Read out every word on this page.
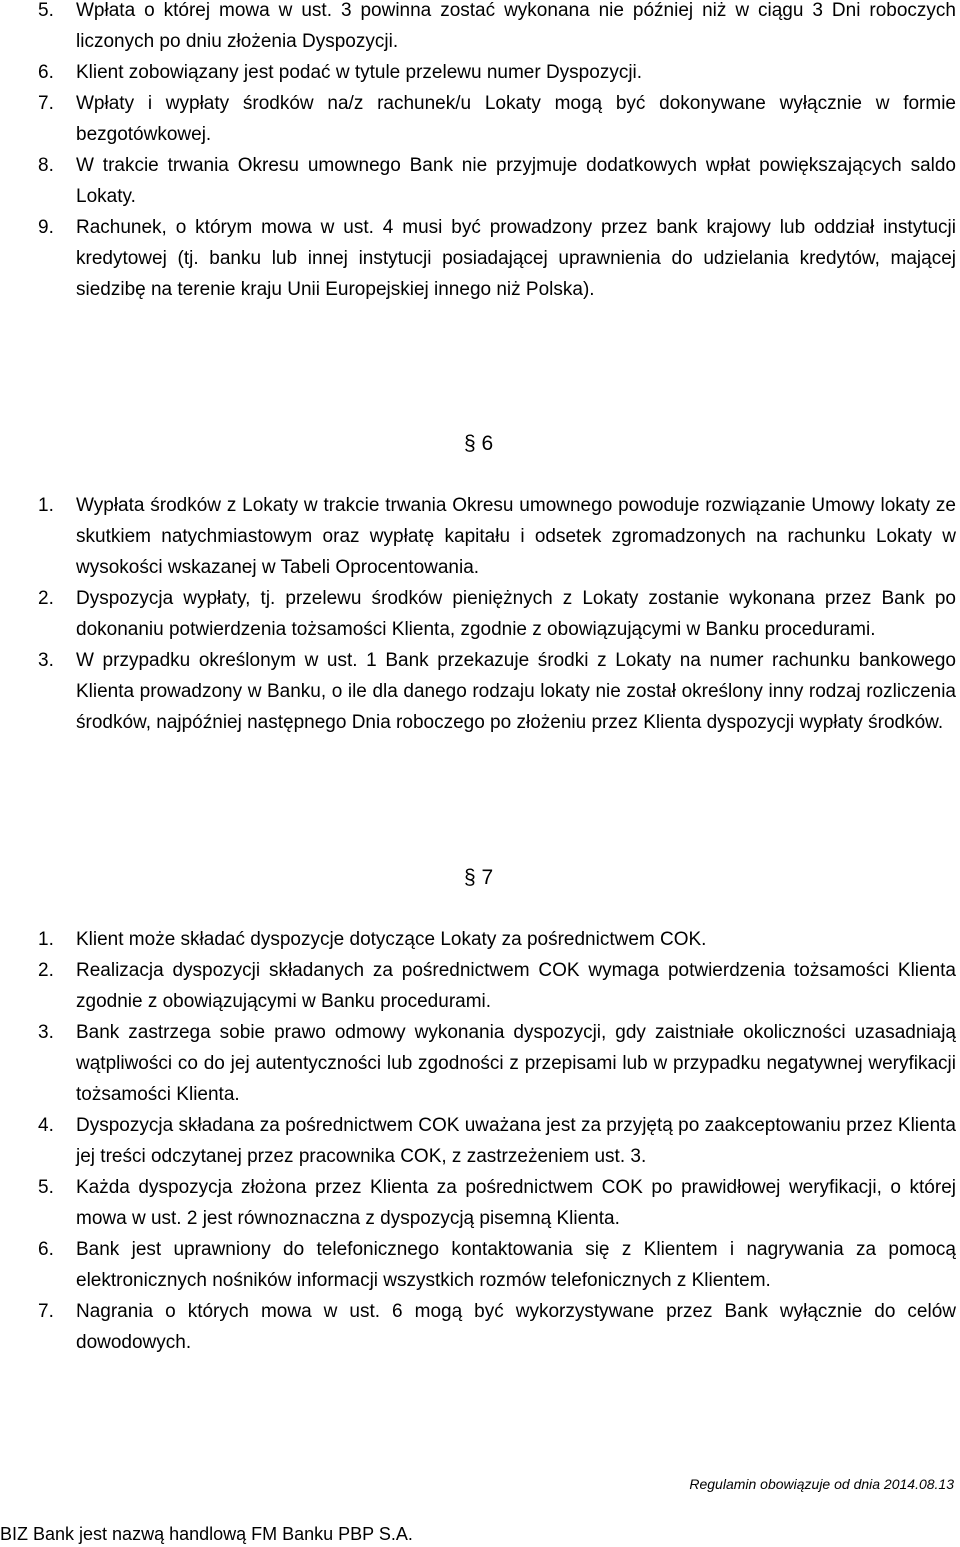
5.	Wpłata o której mowa w ust. 3 powinna zostać wykonana nie później niż w ciągu 3 Dni roboczych liczonych po dniu złożenia Dyspozycji.
6.	Klient zobowiązany jest podać w tytule przelewu numer Dyspozycji.
7.	Wpłaty i wypłaty środków na/z rachunek/u Lokaty mogą być dokonywane wyłącznie w formie bezgotówkowej.
8.	W trakcie trwania Okresu umownego Bank nie przyjmuje dodatkowych wpłat powiększających saldo Lokaty.
9.	Rachunek, o którym mowa w ust. 4 musi być prowadzony przez bank krajowy lub oddział instytucji kredytowej (tj. banku lub innej instytucji posiadającej uprawnienia do udzielania kredytów, mającej siedzibę na terenie kraju Unii Europejskiej innego niż Polska).
§ 6
1.	Wypłata środków z Lokaty w trakcie trwania Okresu umownego powoduje rozwiązanie Umowy lokaty ze skutkiem natychmiastowym oraz wypłatę kapitału i odsetek zgromadzonych na rachunku Lokaty w wysokości wskazanej w Tabeli Oprocentowania.
2.	Dyspozycja wypłaty, tj. przelewu środków pieniężnych z Lokaty zostanie wykonana przez Bank po dokonaniu potwierdzenia tożsamości Klienta, zgodnie z obowiązującymi w Banku procedurami.
3.	W przypadku określonym w ust. 1 Bank przekazuje środki z Lokaty na numer rachunku bankowego Klienta prowadzony w Banku, o ile dla danego rodzaju lokaty nie został określony inny rodzaj rozliczenia środków, najpóźniej następnego Dnia roboczego po złożeniu przez Klienta dyspozycji wypłaty środków.
§ 7
1.	Klient może składać dyspozycje dotyczące Lokaty za pośrednictwem COK.
2.	Realizacja dyspozycji składanych za pośrednictwem COK wymaga potwierdzenia tożsamości Klienta zgodnie z obowiązującymi w Banku procedurami.
3.	Bank zastrzega sobie prawo odmowy wykonania dyspozycji, gdy zaistniałe okoliczności uzasadniają wątpliwości co do jej autentyczności lub zgodności z przepisami lub w przypadku negatywnej weryfikacji tożsamości Klienta.
4.	Dyspozycja składana za pośrednictwem COK uważana jest za przyjętą po zaakceptowaniu przez Klienta jej treści odczytanej przez pracownika COK, z zastrzeżeniem ust. 3.
5.	Każda dyspozycja złożona przez Klienta za pośrednictwem COK po prawidłowej weryfikacji, o której mowa w ust. 2 jest równoznaczna z dyspozycją pisemną Klienta.
6.	Bank jest uprawniony do telefonicznego kontaktowania się z Klientem i nagrywania za pomocą elektronicznych nośników informacji wszystkich rozmów telefonicznych z Klientem.
7.	Nagrania o których mowa w ust. 6 mogą być wykorzystywane przez Bank wyłącznie do celów dowodowych.
Regulamin obowiązuje od dnia 2014.08.13
BIZ Bank jest nazwą handlową FM Banku PBP S.A.
